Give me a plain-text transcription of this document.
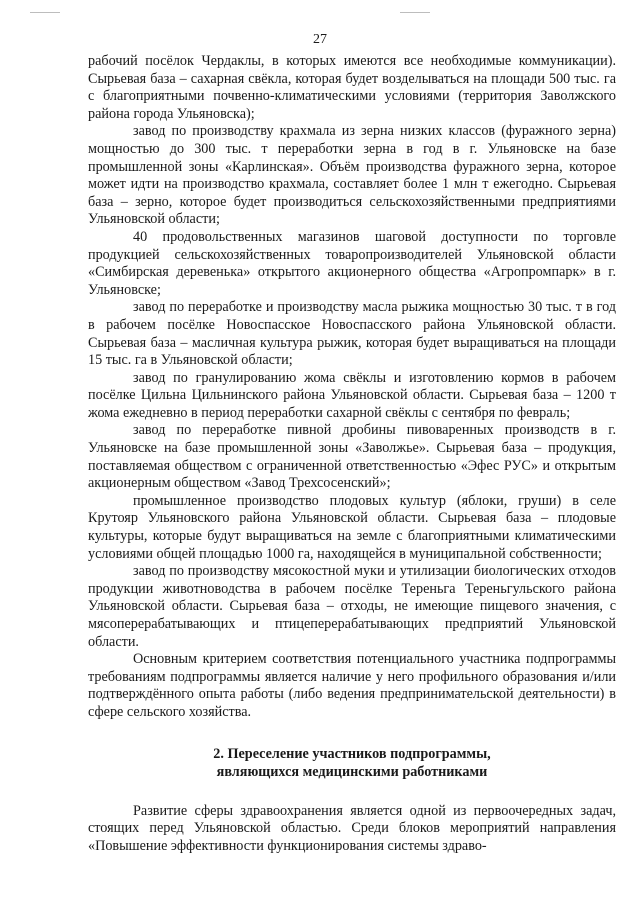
27

рабочий посёлок Чердаклы, в которых имеются все необходимые коммуникации). Сырьевая база – сахарная свёкла, которая будет возделываться на площади 500 тыс. га с благоприятными почвенно-климатическими условиями (территория Заволжского района города Ульяновска);

завод по производству крахмала из зерна низких классов (фуражного зерна) мощностью до 300 тыс. т переработки зерна в год в г. Ульяновске на базе промышленной зоны «Карлинская». Объём производства фуражного зерна, которое может идти на производство крахмала, составляет более 1 млн т ежегодно. Сырьевая база – зерно, которое будет производиться сельскохозяйственными предприятиями Ульяновской области;

40 продовольственных магазинов шаговой доступности по торговле продукцией сельскохозяйственных товаропроизводителей Ульяновской области «Симбирская деревенька» открытого акционерного общества «Агропромпарк» в г. Ульяновске;

завод по переработке и производству масла рыжика мощностью 30 тыс. т в год в рабочем посёлке Новоспасское Новоспасского района Ульяновской области. Сырьевая база – масличная культура рыжик, которая будет выращиваться на площади 15 тыс. га в Ульяновской области;

завод по гранулированию жома свёклы и изготовлению кормов в рабочем посёлке Цильна Цильнинского района Ульяновской области. Сырьевая база – 1200 т жома ежедневно в период переработки сахарной свёклы с сентября по февраль;

завод по переработке пивной дробины пивоваренных производств в г. Ульяновске на базе промышленной зоны «Заволжье». Сырьевая база – продукция, поставляемая обществом с ограниченной ответственностью «Эфес РУС» и открытым акционерным обществом «Завод Трехсосенский»;

промышленное производство плодовых культур (яблоки, груши) в селе Крутояр Ульяновского района Ульяновской области. Сырьевая база – плодовые культуры, которые будут выращиваться на земле с благоприятными климатическими условиями общей площадью 1000 га, находящейся в муниципальной собственности;

завод по производству мясокостной муки и утилизации биологических отходов продукции животноводства в рабочем посёлке Тереньга Тереньгульского района Ульяновской области. Сырьевая база – отходы, не имеющие пищевого значения, с мясоперерабатывающих и птицеперерабатывающих предприятий Ульяновской области.

Основным критерием соответствия потенциального участника подпрограммы требованиям подпрограммы является наличие у него профильного образования и/или подтверждённого опыта работы (либо ведения предпринимательской деятельности) в сфере сельского хозяйства.

2. Переселение участников подпрограммы,
являющихся медицинскими работниками

Развитие сферы здравоохранения является одной из первоочередных задач, стоящих перед Ульяновской областью. Среди блоков мероприятий направления «Повышение эффективности функционирования системы здраво-
